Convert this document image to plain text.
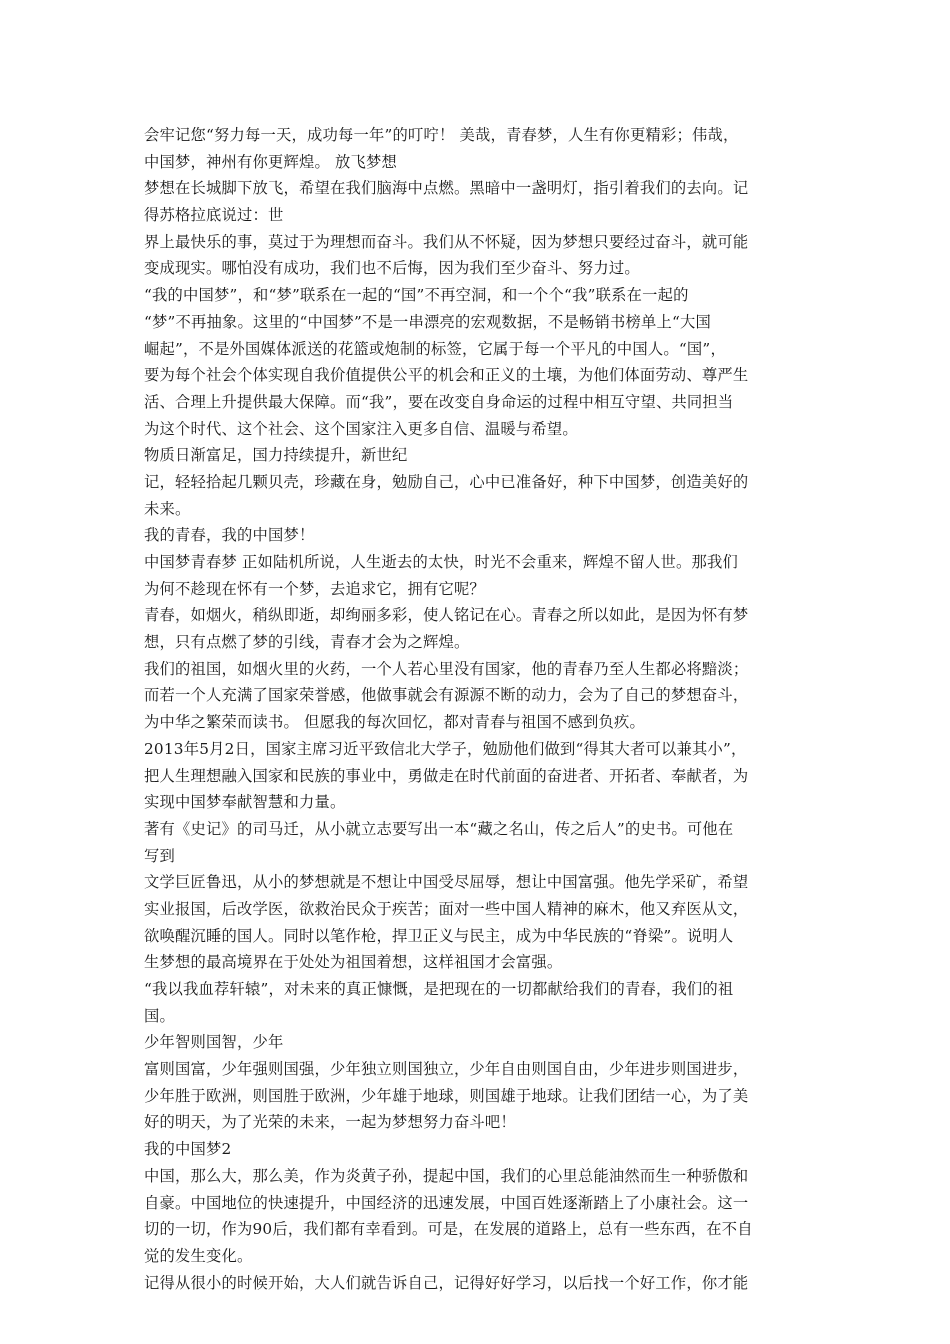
会牢记您“努力每一天，成功每一年”的叮咛！ 美哉，青春梦，人生有你更精彩；伟哉，
中国梦，神州有你更辉煌。 放飞梦想
梦想在长城脚下放飞，希望在我们脑海中点燃。黑暗中一盏明灯，指引着我们的去向。记
得苏格拉底说过：世
界上最快乐的事，莫过于为理想而奋斗。我们从不怀疑，因为梦想只要经过奋斗，就可能
变成现实。哪怕没有成功，我们也不后悔，因为我们至少奋斗、努力过。
“我的中国梦”，和“梦”联系在一起的“国”不再空洞，和一个个“我”联系在一起的
“梦”不再抽象。这里的“中国梦”不是一串漂亮的宏观数据，不是畅销书榜单上“大国
崛起”，不是外国媒体派送的花篮或炮制的标签，它属于每一个平凡的中国人。“国”，
要为每个社会个体实现自我价值提供公平的机会和正义的土壤，为他们体面劳动、尊严生
活、合理上升提供最大保障。而“我”，要在改变自身命运的过程中相互守望、共同担当
为这个时代、这个社会、这个国家注入更多自信、温暖与希望。
物质日渐富足，国力持续提升，新世纪
记，轻轻拾起几颗贝壳，珍藏在身，勉励自己，心中已准备好，种下中国梦，创造美好的
未来。
我的青春，我的中国梦！
中国梦青春梦 正如陆机所说，人生逝去的太快，时光不会重来，辉煌不留人世。那我们
为何不趁现在怀有一个梦，去追求它，拥有它呢？
青春，如烟火，稍纵即逝，却绚丽多彩，使人铭记在心。青春之所以如此，是因为怀有梦
想，只有点燃了梦的引线，青春才会为之辉煌。
我们的祖国，如烟火里的火药，一个人若心里没有国家，他的青春乃至人生都必将黯淡；
而若一个人充满了国家荣誉感，他做事就会有源源不断的动力，会为了自己的梦想奋斗，
为中华之繁荣而读书。 但愿我的每次回忆，都对青春与祖国不感到负疚。
2013年5月2日，国家主席习近平致信北大学子，勉励他们做到“得其大者可以兼其小”，
把人生理想融入国家和民族的事业中，勇做走在时代前面的奋进者、开拓者、奉献者，为
实现中国梦奉献智慧和力量。
著有《史记》的司马迁，从小就立志要写出一本“藏之名山，传之后人”的史书。可他在
写到
文学巨匠鲁迅，从小的梦想就是不想让中国受尽屈辱，想让中国富强。他先学采矿，希望
实业报国，后改学医，欲救治民众于疾苦；面对一些中国人精神的麻木，他又弃医从文，
欲唤醒沉睡的国人。同时以笔作枪，捍卫正义与民主，成为中华民族的“脊梁”。说明人
生梦想的最高境界在于处处为祖国着想，这样祖国才会富强。
“我以我血荐轩辕”，对未来的真正慷慨，是把现在的一切都献给我们的青春，我们的祖
国。
少年智则国智，少年
富则国富，少年强则国强，少年独立则国独立，少年自由则国自由，少年进步则国进步，
少年胜于欧洲，则国胜于欧洲，少年雄于地球，则国雄于地球。让我们团结一心，为了美
好的明天，为了光荣的未来，一起为梦想努力奋斗吧！
我的中国梦2
中国，那么大，那么美，作为炎黄子孙，提起中国，我们的心里总能油然而生一种骄傲和
自豪。中国地位的快速提升，中国经济的迅速发展，中国百姓逐渐踏上了小康社会。这一
切的一切，作为90后，我们都有幸看到。可是，在发展的道路上，总有一些东西，在不自
觉的发生变化。
记得从很小的时候开始，大人们就告诉自己，记得好好学习，以后找一个好工作，你才能
